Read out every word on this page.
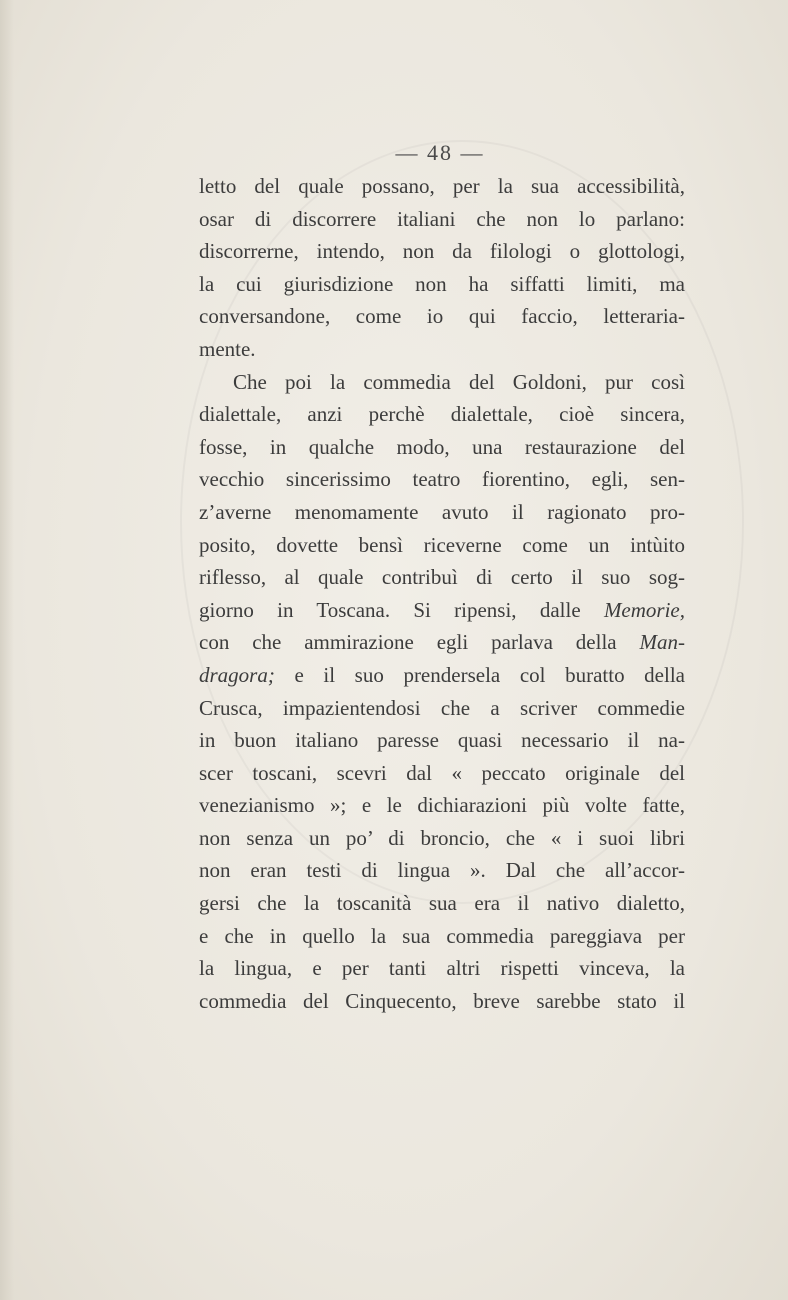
— 48 —
letto del quale possano, per la sua accessibilità,
osar di discorrere italiani che non lo parlano:
discorrerne, intendo, non da filologi o glottologi,
la cui giurisdizione non ha siffatti limiti, ma
conversandone, come io qui faccio, letteraria-
mente.
Che poi la commedia del Goldoni, pur così
dialettale, anzi perchè dialettale, cioè sincera,
fosse, in qualche modo, una restaurazione del
vecchio sincerissimo teatro fiorentino, egli, sen-
z’averne menomamente avuto il ragionato pro-
posito, dovette bensì riceverne come un intùito
riflesso, al quale contribuì di certo il suo sog-
giorno in Toscana. Si ripensi, dalle Memorie,
con che ammirazione egli parlava della Man-
dragora; e il suo prendersela col buratto della
Crusca, impazientendosi che a scriver commedie
in buon italiano paresse quasi necessario il na-
scer toscani, scevri dal « peccato originale del
venezianismo »; e le dichiarazioni più volte fatte,
non senza un po’ di broncio, che « i suoi libri
non eran testi di lingua ». Dal che all’accor-
gersi che la toscanità sua era il nativo dialetto,
e che in quello la sua commedia pareggiava per
la lingua, e per tanti altri rispetti vinceva, la
commedia del Cinquecento, breve sarebbe stato il
